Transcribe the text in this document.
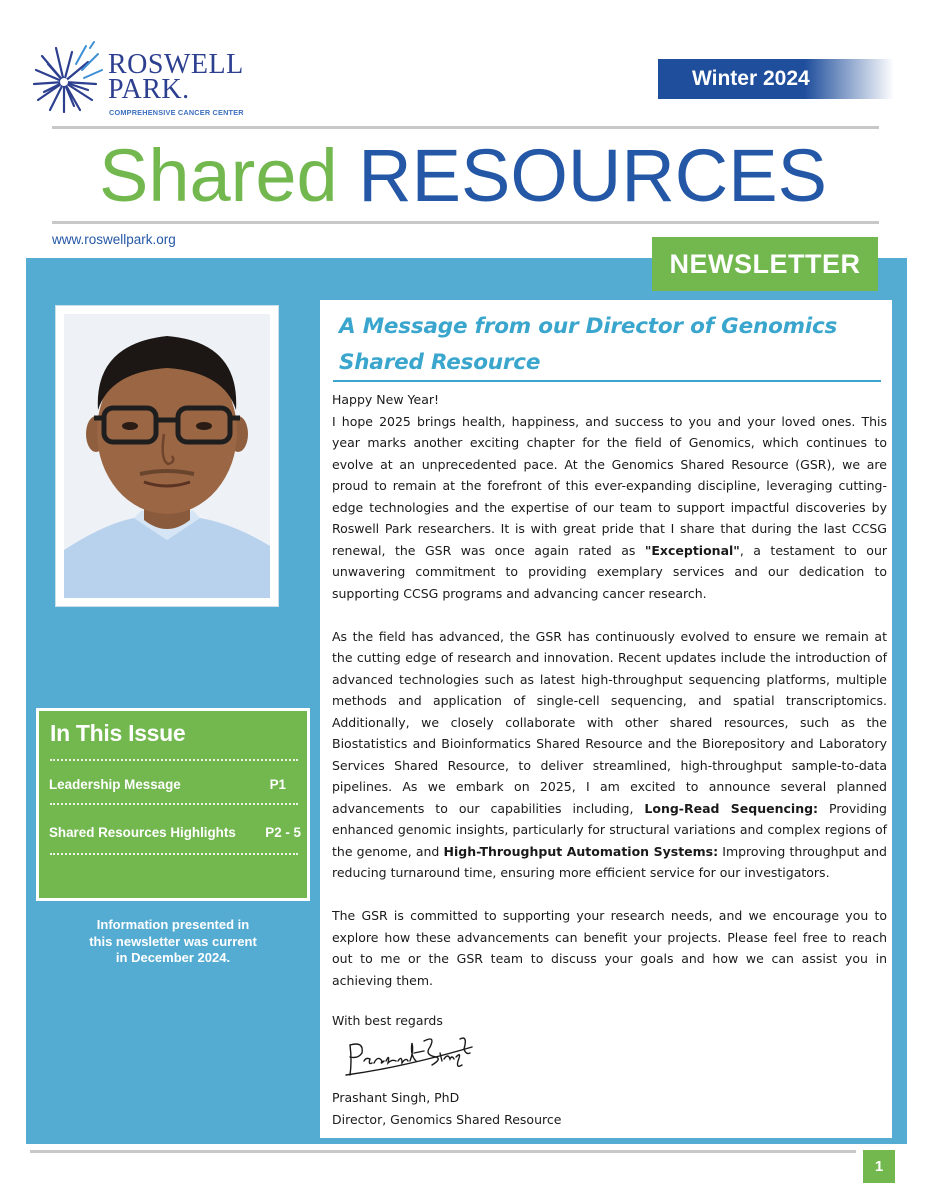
ROSWELL
PARK.
COMPREHENSIVE CANCER CENTER
Winter 2024
Shared RESOURCES
www.roswellpark.org
NEWSLETTER
In This Issue
Leadership Message	P1
Shared Resources Highlights P2 - 5
Information presented in
this newsletter was current
in December 2024.
A Message from our Director of Genomics Shared Resource

Happy New Year!

I hope 2025 brings health, happiness, and success to you and your loved ones. This year marks another exciting chapter for the field of Genomics, which continues to evolve at an unprecedented pace. At the Genomics Shared Resource (GSR), we are proud to remain at the forefront of this ever-expanding discipline, leveraging cutting-edge technologies and the expertise of our team to support impactful discoveries by Roswell Park researchers. It is with great pride that I share that during the last CCSG renewal, the GSR was once again rated as "Exceptional", a testament to our unwavering commitment to providing exemplary services and our dedication to supporting CCSG programs and advancing cancer research.

As the field has advanced, the GSR has continuously evolved to ensure we remain at the cutting edge of research and innovation. Recent updates include the introduction of advanced technologies such as latest high-throughput sequencing platforms, multiple methods and application of single-cell sequencing, and spatial transcriptomics. Additionally, we closely collaborate with other shared resources, such as the Biostatistics and Bioinformatics Shared Resource and the Biorepository and Laboratory Services Shared Resource, to deliver streamlined, high-throughput sample-to-data pipelines. As we embark on 2025, I am excited to announce several planned advancements to our capabilities including, Long-Read Sequencing: Providing enhanced genomic insights, particularly for structural variations and complex regions of the genome, and High-Throughput Automation Systems: Improving throughput and reducing turnaround time, ensuring more efficient service for our investigators.

The GSR is committed to supporting your research needs, and we encourage you to explore how these advancements can benefit your projects. Please feel free to reach out to me or the GSR team to discuss your goals and how we can assist you in achieving them.

With best regards
Prashant Singh, PhD
Director, Genomics Shared Resource
1
